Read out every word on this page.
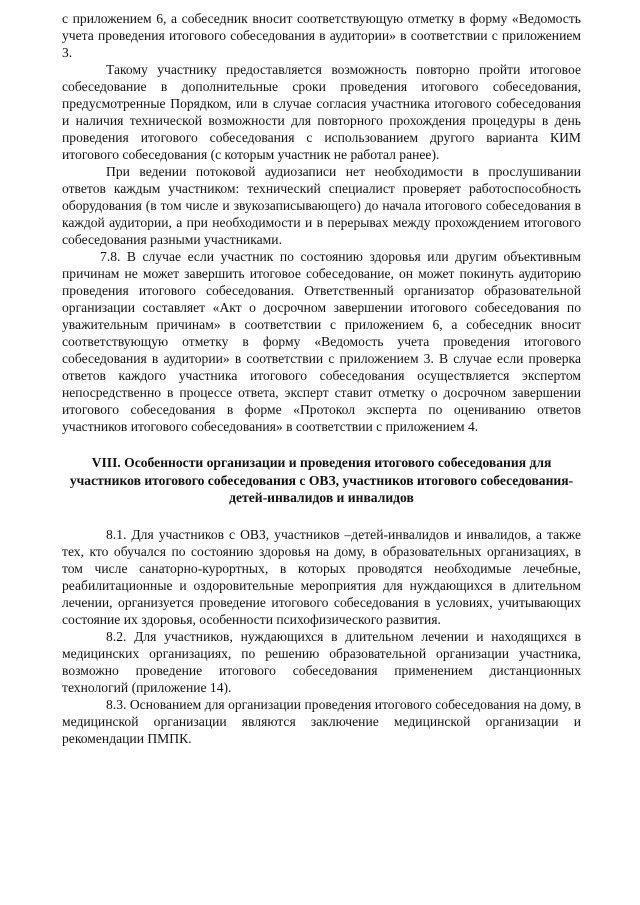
с приложением 6, а собеседник вносит соответствующую отметку в форму «Ведомость учета проведения итогового собеседования в аудитории» в соответствии с приложением 3.

Такому участнику предоставляется возможность повторно пройти итоговое собеседование в дополнительные сроки проведения итогового собеседования, предусмотренные Порядком, или в случае согласия участника итогового собеседования и наличия технической возможности для повторного прохождения процедуры в день проведения итогового собеседования с использованием другого варианта КИМ итогового собеседования (с которым участник не работал ранее).

При ведении потоковой аудиозаписи нет необходимости в прослушивании ответов каждым участником: технический специалист проверяет работоспособность оборудования (в том числе и звукозаписывающего) до начала итогового собеседования в каждой аудитории, а при необходимости и в перерывах между прохождением итогового собеседования разными участниками.

7.8. В случае если участник по состоянию здоровья или другим объективным причинам не может завершить итоговое собеседование, он может покинуть аудиторию проведения итогового собеседования. Ответственный организатор образовательной организации составляет «Акт о досрочном завершении итогового собеседования по уважительным причинам» в соответствии с приложением 6, а собеседник вносит соответствующую отметку в форму «Ведомость учета проведения итогового собеседования в аудитории» в соответствии с приложением 3. В случае если проверка ответов каждого участника итогового собеседования осуществляется экспертом непосредственно в процессе ответа, эксперт ставит отметку о досрочном завершении итогового собеседования в форме «Протокол эксперта по оцениванию ответов участников итогового собеседования» в соответствии с приложением 4.

VIII. Особенности организации и проведения итогового собеседования для участников итогового собеседования с ОВЗ, участников итогового собеседования-детей-инвалидов и инвалидов

8.1. Для участников с ОВЗ, участников –детей-инвалидов и инвалидов, а также тех, кто обучался по состоянию здоровья на дому, в образовательных организациях, в том числе санаторно-курортных, в которых проводятся необходимые лечебные, реабилитационные и оздоровительные мероприятия для нуждающихся в длительном лечении, организуется проведение итогового собеседования в условиях, учитывающих состояние их здоровья, особенности психофизического развития.

8.2. Для участников, нуждающихся в длительном лечении и находящихся в медицинских организациях, по решению образовательной организации участника, возможно проведение итогового собеседования применением дистанционных технологий (приложение 14).

8.3. Основанием для организации проведения итогового собеседования на дому, в медицинской организации являются заключение медицинской организации и рекомендации ПМПК.
